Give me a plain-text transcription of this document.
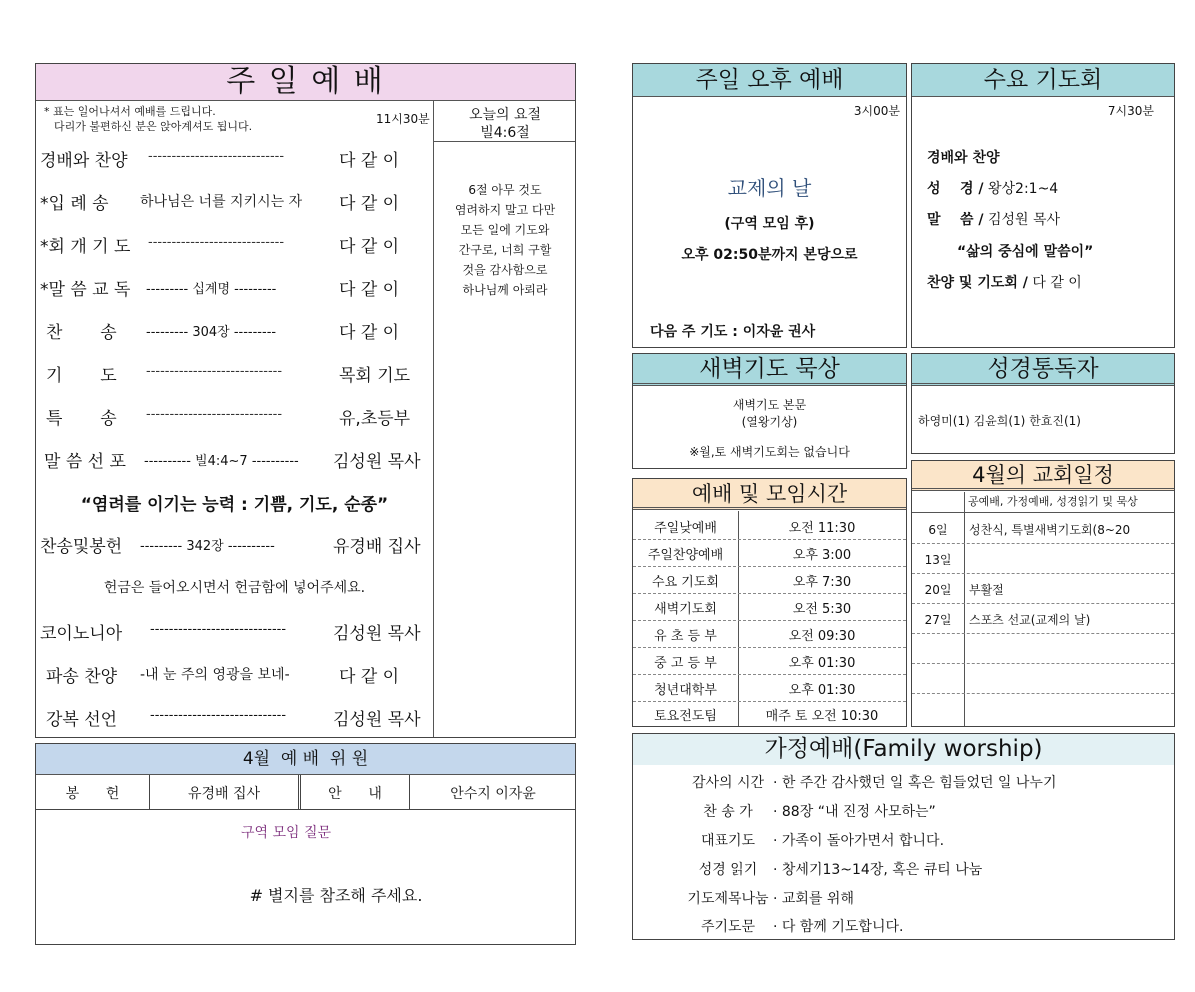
주 일 예 배
* 표는 일어나셔서 예배를 드립니다.
다리가 불편하신 분은 앉아계셔도 됩니다.
11시30분	오늘의 요절
빌4:6절
6절 아무 것도
염려하지 말고 다만
모든 일에 기도와
간구로, 너희 구할
것을 감사함으로
하나님께 아뢰라
경배와 찬양 -----------------------------	다 같 이
*입 례 송 하나님은 너를 지키시는 자 다 같 이
*회 개 기 도 -----------------------------	다 같 이
*말 씀 교 독 --------- 십계명 ---------	다 같 이
찬       송 --------- 304장 ---------	다 같 이
기       도 -----------------------------	목회 기도
특       송 -----------------------------	유,초등부
말 씀 선 포 ---------- 빌4:4~7 ---------- 김성원 목사
“염려를 이기는 능력 : 기쁨, 기도, 순종”
찬송및봉헌 --------- 342장 ----------	유경배 집사
헌금은 들어오시면서 헌금함에 넣어주세요.
코이노니아 -----------------------------	김성원 목사
파송 찬양 -내 눈 주의 영광을 보네-	다 같 이
강복 선언	-----------------------------	김성원 목사
4월  예 배  위 원
봉      헌	유경배 집사	안      내	안수지 이자윤
구역 모임 질문
# 별지를 참조해 주세요.
주일 오후 예배
3시00분
교제의 날
(구역 모임 후)
오후 02:50분까지 본당으로
다음 주 기도 : 이자윤 권사
수요 기도회
7시30분
경배와 찬양
성    경 / 왕상2:1~4
말    씀 / 김성원 목사
“삶의 중심에 말씀이”
찬양 및 기도회 / 다 같 이
새벽기도 묵상
새벽기도 본문
(열왕기상)
※월,토 새벽기도회는 없습니다
성경통독자
하영미(1) 김윤희(1) 한효진(1)
예배 및 모임시간
주일낮예배	오전 11:30
주일찬양예배	오후 3:00
수요 기도회	오후 7:30
새벽기도회	오전 5:30
유 초 등 부	오전 09:30
중 고 등 부	오후 01:30
청년대학부	오후 01:30
토요전도팀	매주 토 오전 10:30
4월의 교회일정
공예배, 가정예배, 성경읽기 및 묵상
6일	성찬식, 특별새벽기도회(8~20
13일
20일	부활절
27일	스포츠 선교(교제의 날)
가정예배(Family worship)
감사의 시간 · 한 주간 감사했던 일 혹은 힘들었던 일 나누기
찬 송 가	· 88장 “내 진정 사모하는”
대표기도	· 가족이 돌아가면서 합니다.
성경 읽기	· 창세기13~14장, 혹은 큐티 나눔
기도제목나눔 · 교회를 위해
주기도문	· 다 함께 기도합니다.
